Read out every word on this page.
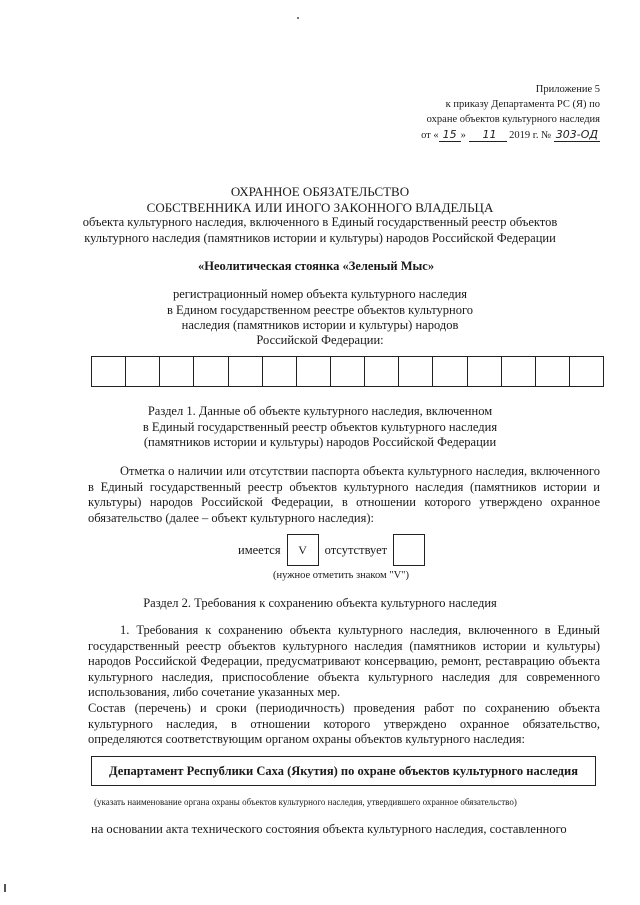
Приложение 5
к приказу Департамента РС (Я) по
охране объектов культурного наследия
от « 15 » 11 2019 г. № 303-ОД
ОХРАННОЕ ОБЯЗАТЕЛЬСТВО
СОБСТВЕННИКА ИЛИ ИНОГО ЗАКОННОГО ВЛАДЕЛЬЦА
объекта культурного наследия, включенного в Единый государственный реестр объектов
культурного наследия (памятников истории и культуры) народов Российской Федерации
«Неолитическая стоянка «Зеленый Мыс»
регистрационный номер объекта культурного наследия
в Едином государственном реестре объектов культурного
наследия (памятников истории и культуры) народов
Российской Федерации:
Раздел 1. Данные об объекте культурного наследия, включенном
в Единый государственный реестр объектов культурного наследия
(памятников истории и культуры) народов Российской Федерации
Отметка о наличии или отсутствии паспорта объекта культурного наследия, включенного в Единый государственный реестр объектов культурного наследия (памятников истории и культуры) народов Российской Федерации, в отношении которого утверждено охранное обязательство (далее – объект культурного наследия):
имеется	V	отсутствует
(нужное отметить знаком "V")
Раздел 2. Требования к сохранению объекта культурного наследия
1. Требования к сохранению объекта культурного наследия, включенного в Единый государственный реестр объектов культурного наследия (памятников истории и культуры) народов Российской Федерации, предусматривают консервацию, ремонт, реставрацию объекта культурного наследия, приспособление объекта культурного наследия для современного использования, либо сочетание указанных мер.
Состав (перечень) и сроки (периодичность) проведения работ по сохранению объекта культурного наследия, в отношении которого утверждено охранное обязательство, определяются соответствующим органом охраны объектов культурного наследия:
Департамент Республики Саха (Якутия) по охране объектов культурного наследия
(указать наименование органа охраны объектов культурного наследия, утвердившего охранное обязательство)
на основании акта технического состояния объекта культурного наследия, составленного
